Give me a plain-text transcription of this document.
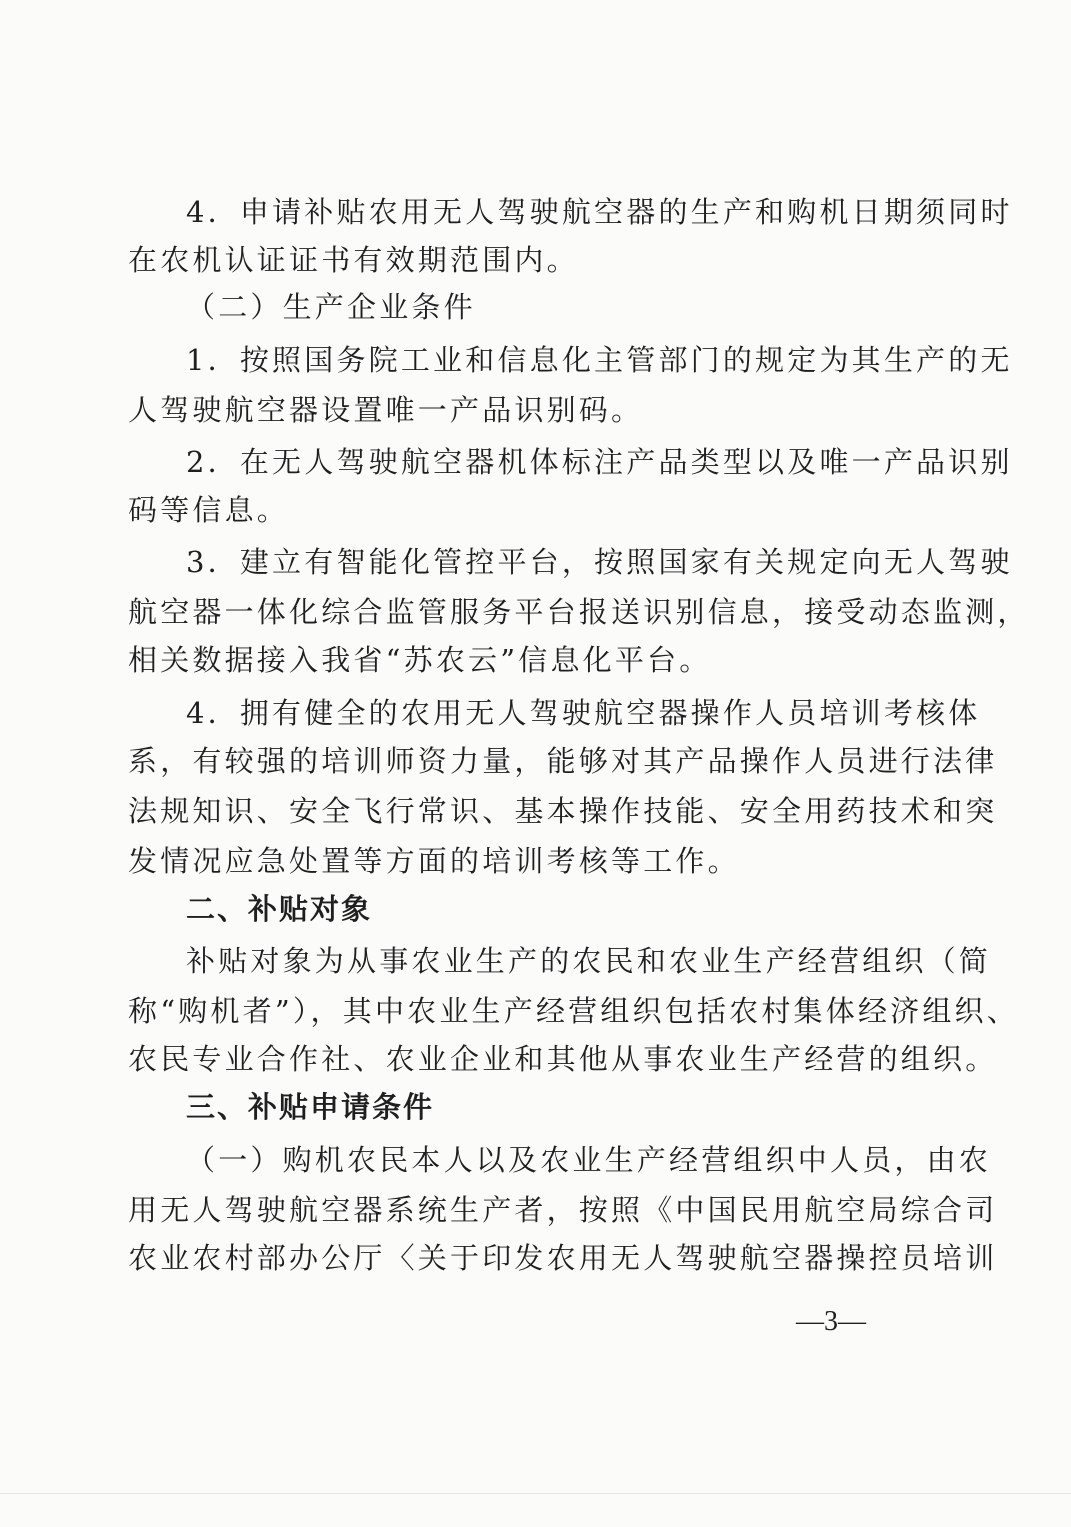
4．申请补贴农用无人驾驶航空器的生产和购机日期须同时
在农机认证证书有效期范围内。
（二）生产企业条件
1．按照国务院工业和信息化主管部门的规定为其生产的无
人驾驶航空器设置唯一产品识别码。
2．在无人驾驶航空器机体标注产品类型以及唯一产品识别
码等信息。
3．建立有智能化管控平台，按照国家有关规定向无人驾驶
航空器一体化综合监管服务平台报送识别信息，接受动态监测，
相关数据接入我省“苏农云”信息化平台。
4．拥有健全的农用无人驾驶航空器操作人员培训考核体
系，有较强的培训师资力量，能够对其产品操作人员进行法律
法规知识、安全飞行常识、基本操作技能、安全用药技术和突
发情况应急处置等方面的培训考核等工作。
二、补贴对象
补贴对象为从事农业生产的农民和农业生产经营组织（简
称“购机者”），其中农业生产经营组织包括农村集体经济组织、
农民专业合作社、农业企业和其他从事农业生产经营的组织。
三、补贴申请条件
（一）购机农民本人以及农业生产经营组织中人员，由农
用无人驾驶航空器系统生产者，按照《中国民用航空局综合司
农业农村部办公厅〈关于印发农用无人驾驶航空器操控员培训
—3—
